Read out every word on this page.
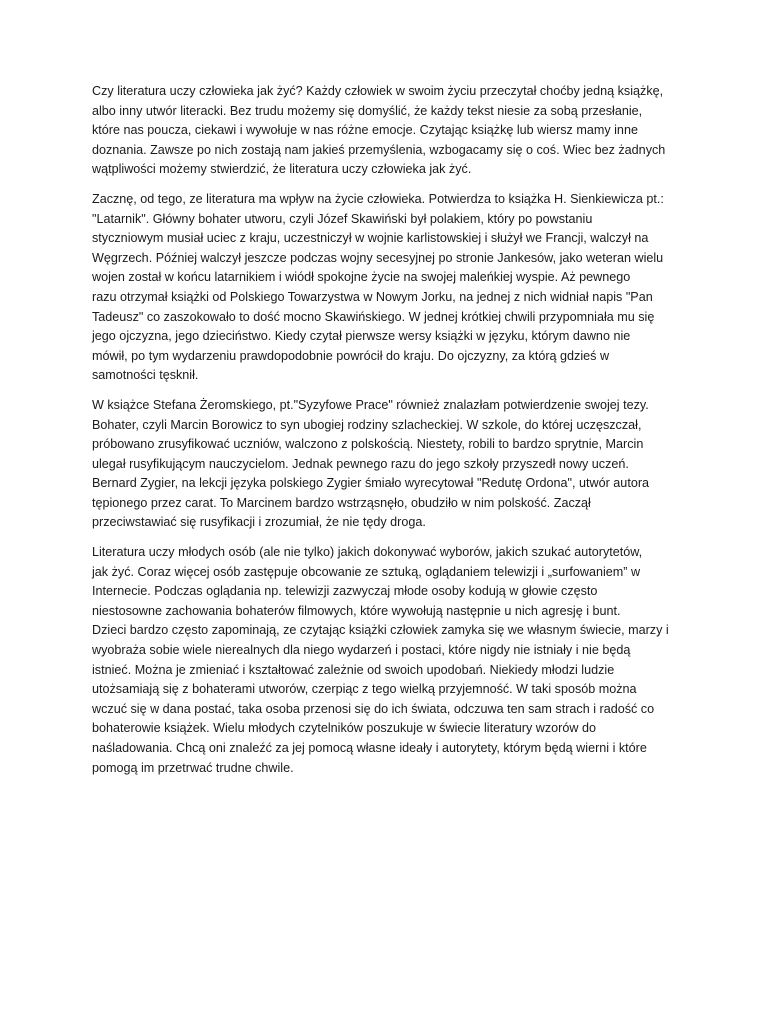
Czy literatura uczy człowieka jak żyć? Każdy człowiek w swoim życiu przeczytał choćby jedną książkę,
albo inny utwór literacki. Bez trudu możemy się domyślić, że każdy tekst niesie za sobą przesłanie,
które nas poucza, ciekawi i wywołuje w nas różne emocje. Czytając książkę lub wiersz mamy inne
doznania. Zawsze po nich zostają nam jakieś przemyślenia, wzbogacamy się o coś. Wiec bez żadnych
wątpliwości możemy stwierdzić, że literatura uczy człowieka jak żyć.

Zacznę, od tego, ze literatura ma wpływ na życie człowieka. Potwierdza to książka H. Sienkiewicza pt.:
"Latarnik". Główny bohater utworu, czyli Józef Skawiński był polakiem, który po powstaniu
styczniowym musiał uciec z kraju, uczestniczył w wojnie karlistowskiej i służył we Francji, walczył na
Węgrzech. Później walczył jeszcze podczas wojny secesyjnej po stronie Jankesów, jako weteran wielu
wojen został w końcu latarnikiem i wiódł spokojne życie na swojej maleńkiej wyspie. Aż pewnego
razu otrzymał książki od Polskiego Towarzystwa w Nowym Jorku, na jednej z nich widniał napis "Pan
Tadeusz" co zaszokowało to dość mocno Skawińskiego. W jednej krótkiej chwili przypomniała mu się
jego ojczyzna, jego dzieciństwo. Kiedy czytał pierwsze wersy książki w języku, którym dawno nie
mówił, po tym wydarzeniu prawdopodobnie powrócił do kraju. Do ojczyzny, za którą gdzieś w
samotności tęsknił.

W książce Stefana Żeromskiego, pt."Syzyfowe Prace" również znalazłam potwierdzenie swojej tezy.
Bohater, czyli Marcin Borowicz to syn ubogiej rodziny szlacheckiej. W szkole, do której uczęszczał,
próbowano zrusyfikować uczniów, walczono z polskością. Niestety, robili to bardzo sprytnie, Marcin
ulegał rusyfikującym nauczycielom. Jednak pewnego razu do jego szkoły przyszedł nowy uczeń.
Bernard Zygier, na lekcji języka polskiego Zygier śmiało wyrecytował "Redutę Ordona", utwór autora
tępionego przez carat. To Marcinem bardzo wstrząsnęło, obudziło w nim polskość. Zaczął
przeciwstawiać się rusyfikacji i zrozumiał, że nie tędy droga.

Literatura uczy młodych osób (ale nie tylko) jakich dokonywać wyborów, jakich szukać autorytetów,
jak żyć. Coraz więcej osób zastępuje obcowanie ze sztuką, oglądaniem telewizji i „surfowaniem” w
Internecie. Podczas oglądania np. telewizji zazwyczaj młode osoby kodują w głowie często
niestosowne zachowania bohaterów filmowych, które wywołują następnie u nich agresję i bunt.
Dzieci bardzo często zapominają, ze czytając książki człowiek zamyka się we własnym świecie, marzy i
wyobraża sobie wiele nierealnych dla niego wydarzeń i postaci, które nigdy nie istniały i nie będą
istnieć. Można je zmieniać i kształtować zależnie od swoich upodobań. Niekiedy młodzi ludzie
utożsamiają się z bohaterami utworów, czerpiąc z tego wielką przyjemność. W taki sposób można
wczuć się w dana postać, taka osoba przenosi się do ich świata, odczuwa ten sam strach i radość co
bohaterowie książek. Wielu młodych czytelników poszukuje w świecie literatury wzorów do
naśladowania. Chcą oni znaleźć za jej pomocą własne ideały i autorytety, którym będą wierni i które
pomogą im przetrwać trudne chwile.
